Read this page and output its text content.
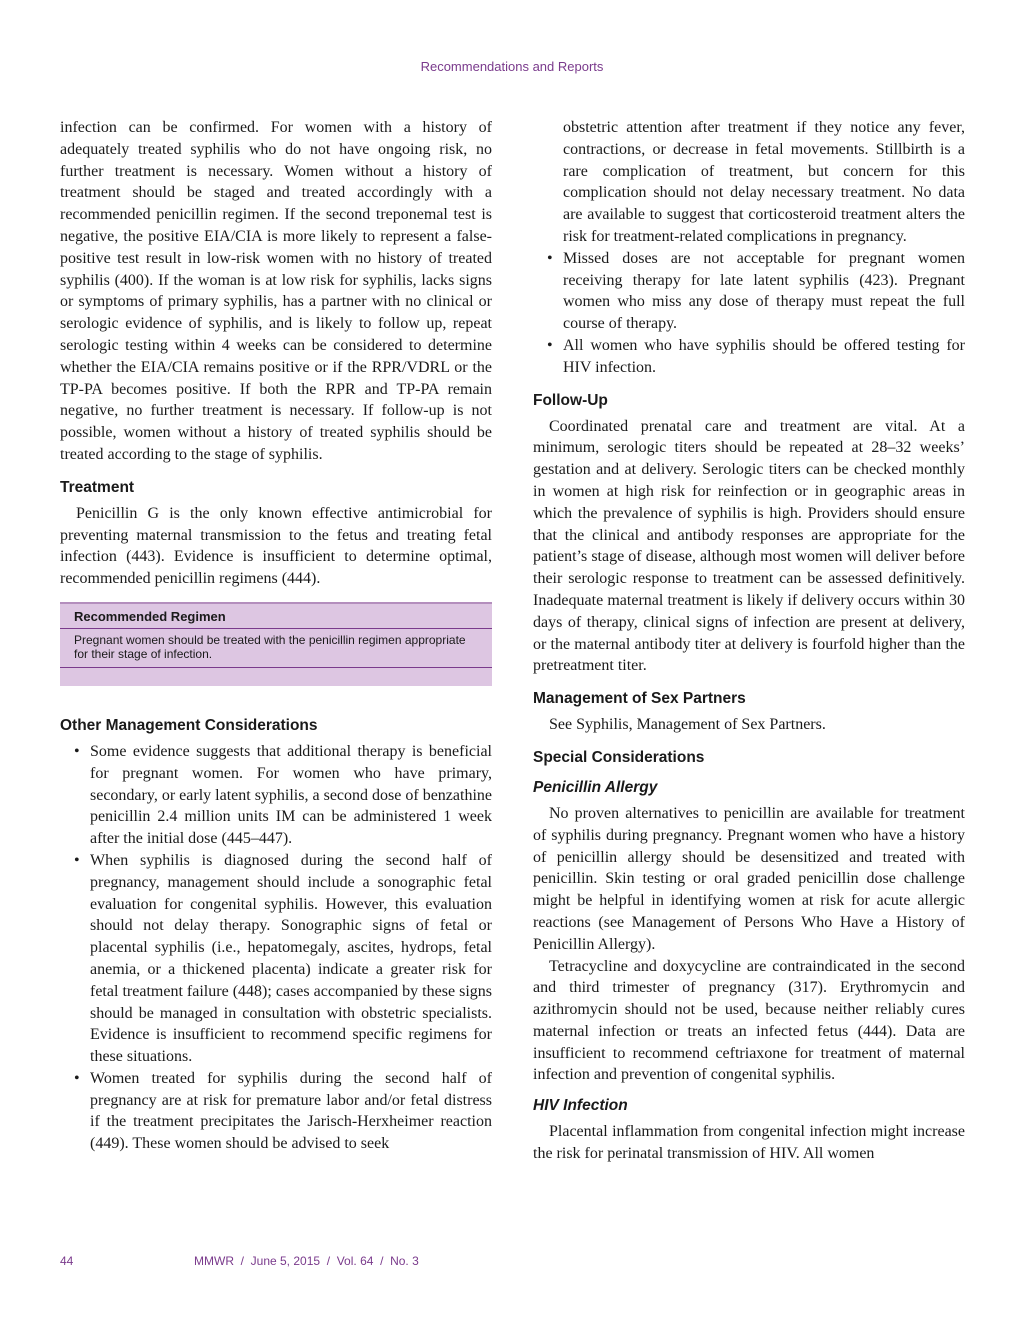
Recommendations and Reports

infection can be confirmed. For women with a history of adequately treated syphilis who do not have ongoing risk, no further treatment is necessary. Women without a history of treatment should be staged and treated accordingly with a recommended penicillin regimen. If the second treponemal test is negative, the positive EIA/CIA is more likely to represent a false-positive test result in low-risk women with no history of treated syphilis (400). If the woman is at low risk for syphilis, lacks signs or symptoms of primary syphilis, has a partner with no clinical or serologic evidence of syphilis, and is likely to follow up, repeat serologic testing within 4 weeks can be considered to determine whether the EIA/CIA remains positive or if the RPR/VDRL or the TP-PA becomes positive. If both the RPR and TP-PA remain negative, no further treatment is necessary. If follow-up is not possible, women without a history of treated syphilis should be treated according to the stage of syphilis.

Treatment

Penicillin G is the only known effective antimicrobial for preventing maternal transmission to the fetus and treating fetal infection (443). Evidence is insufficient to determine optimal, recommended penicillin regimens (444).

Recommended Regimen
Pregnant women should be treated with the penicillin regimen appropriate for their stage of infection.
Other Management Considerations
• Some evidence suggests that additional therapy is beneficial for pregnant women. For women who have primary, secondary, or early latent syphilis, a second dose of benzathine penicillin 2.4 million units IM can be administered 1 week after the initial dose (445–447).
• When syphilis is diagnosed during the second half of pregnancy, management should include a sonographic fetal evaluation for congenital syphilis. However, this evaluation should not delay therapy. Sonographic signs of fetal or placental syphilis (i.e., hepatomegaly, ascites, hydrops, fetal anemia, or a thickened placenta) indicate a greater risk for fetal treatment failure (448); cases accompanied by these signs should be managed in consultation with obstetric specialists. Evidence is insufficient to recommend specific regimens for these situations.
• Women treated for syphilis during the second half of pregnancy are at risk for premature labor and/or fetal distress if the treatment precipitates the Jarisch-Herxheimer reaction (449). These women should be advised to seek

obstetric attention after treatment if they notice any fever, contractions, or decrease in fetal movements. Stillbirth is a rare complication of treatment, but concern for this complication should not delay necessary treatment. No data are available to suggest that corticosteroid treatment alters the risk for treatment-related complications in pregnancy.

• Missed doses are not acceptable for pregnant women receiving therapy for late latent syphilis (423). Pregnant women who miss any dose of therapy must repeat the full course of therapy.
• All women who have syphilis should be offered testing for HIV infection.
Follow-Up

Coordinated prenatal care and treatment are vital. At a minimum, serologic titers should be repeated at 28–32 weeks’ gestation and at delivery. Serologic titers can be checked monthly in women at high risk for reinfection or in geographic areas in which the prevalence of syphilis is high. Providers should ensure that the clinical and antibody responses are appropriate for the patient’s stage of disease, although most women will deliver before their serologic response to treatment can be assessed definitively. Inadequate maternal treatment is likely if delivery occurs within 30 days of therapy, clinical signs of infection are present at delivery, or the maternal antibody titer at delivery is fourfold higher than the pretreatment titer.

Management of Sex Partners

See Syphilis, Management of Sex Partners.

Special Considerations
Penicillin Allergy

No proven alternatives to penicillin are available for treatment of syphilis during pregnancy. Pregnant women who have a history of penicillin allergy should be desensitized and treated with penicillin. Skin testing or oral graded penicillin dose challenge might be helpful in identifying women at risk for acute allergic reactions (see Management of Persons Who Have a History of Penicillin Allergy).

Tetracycline and doxycycline are contraindicated in the second and third trimester of pregnancy (317). Erythromycin and azithromycin should not be used, because neither reliably cures maternal infection or treats an infected fetus (444). Data are insufficient to recommend ceftriaxone for treatment of maternal infection and prevention of congenital syphilis.

HIV Infection

Placental inflammation from congenital infection might increase the risk for perinatal transmission of HIV. All women

44	MMWR  /  June 5, 2015  /  Vol. 64  /  No. 3
